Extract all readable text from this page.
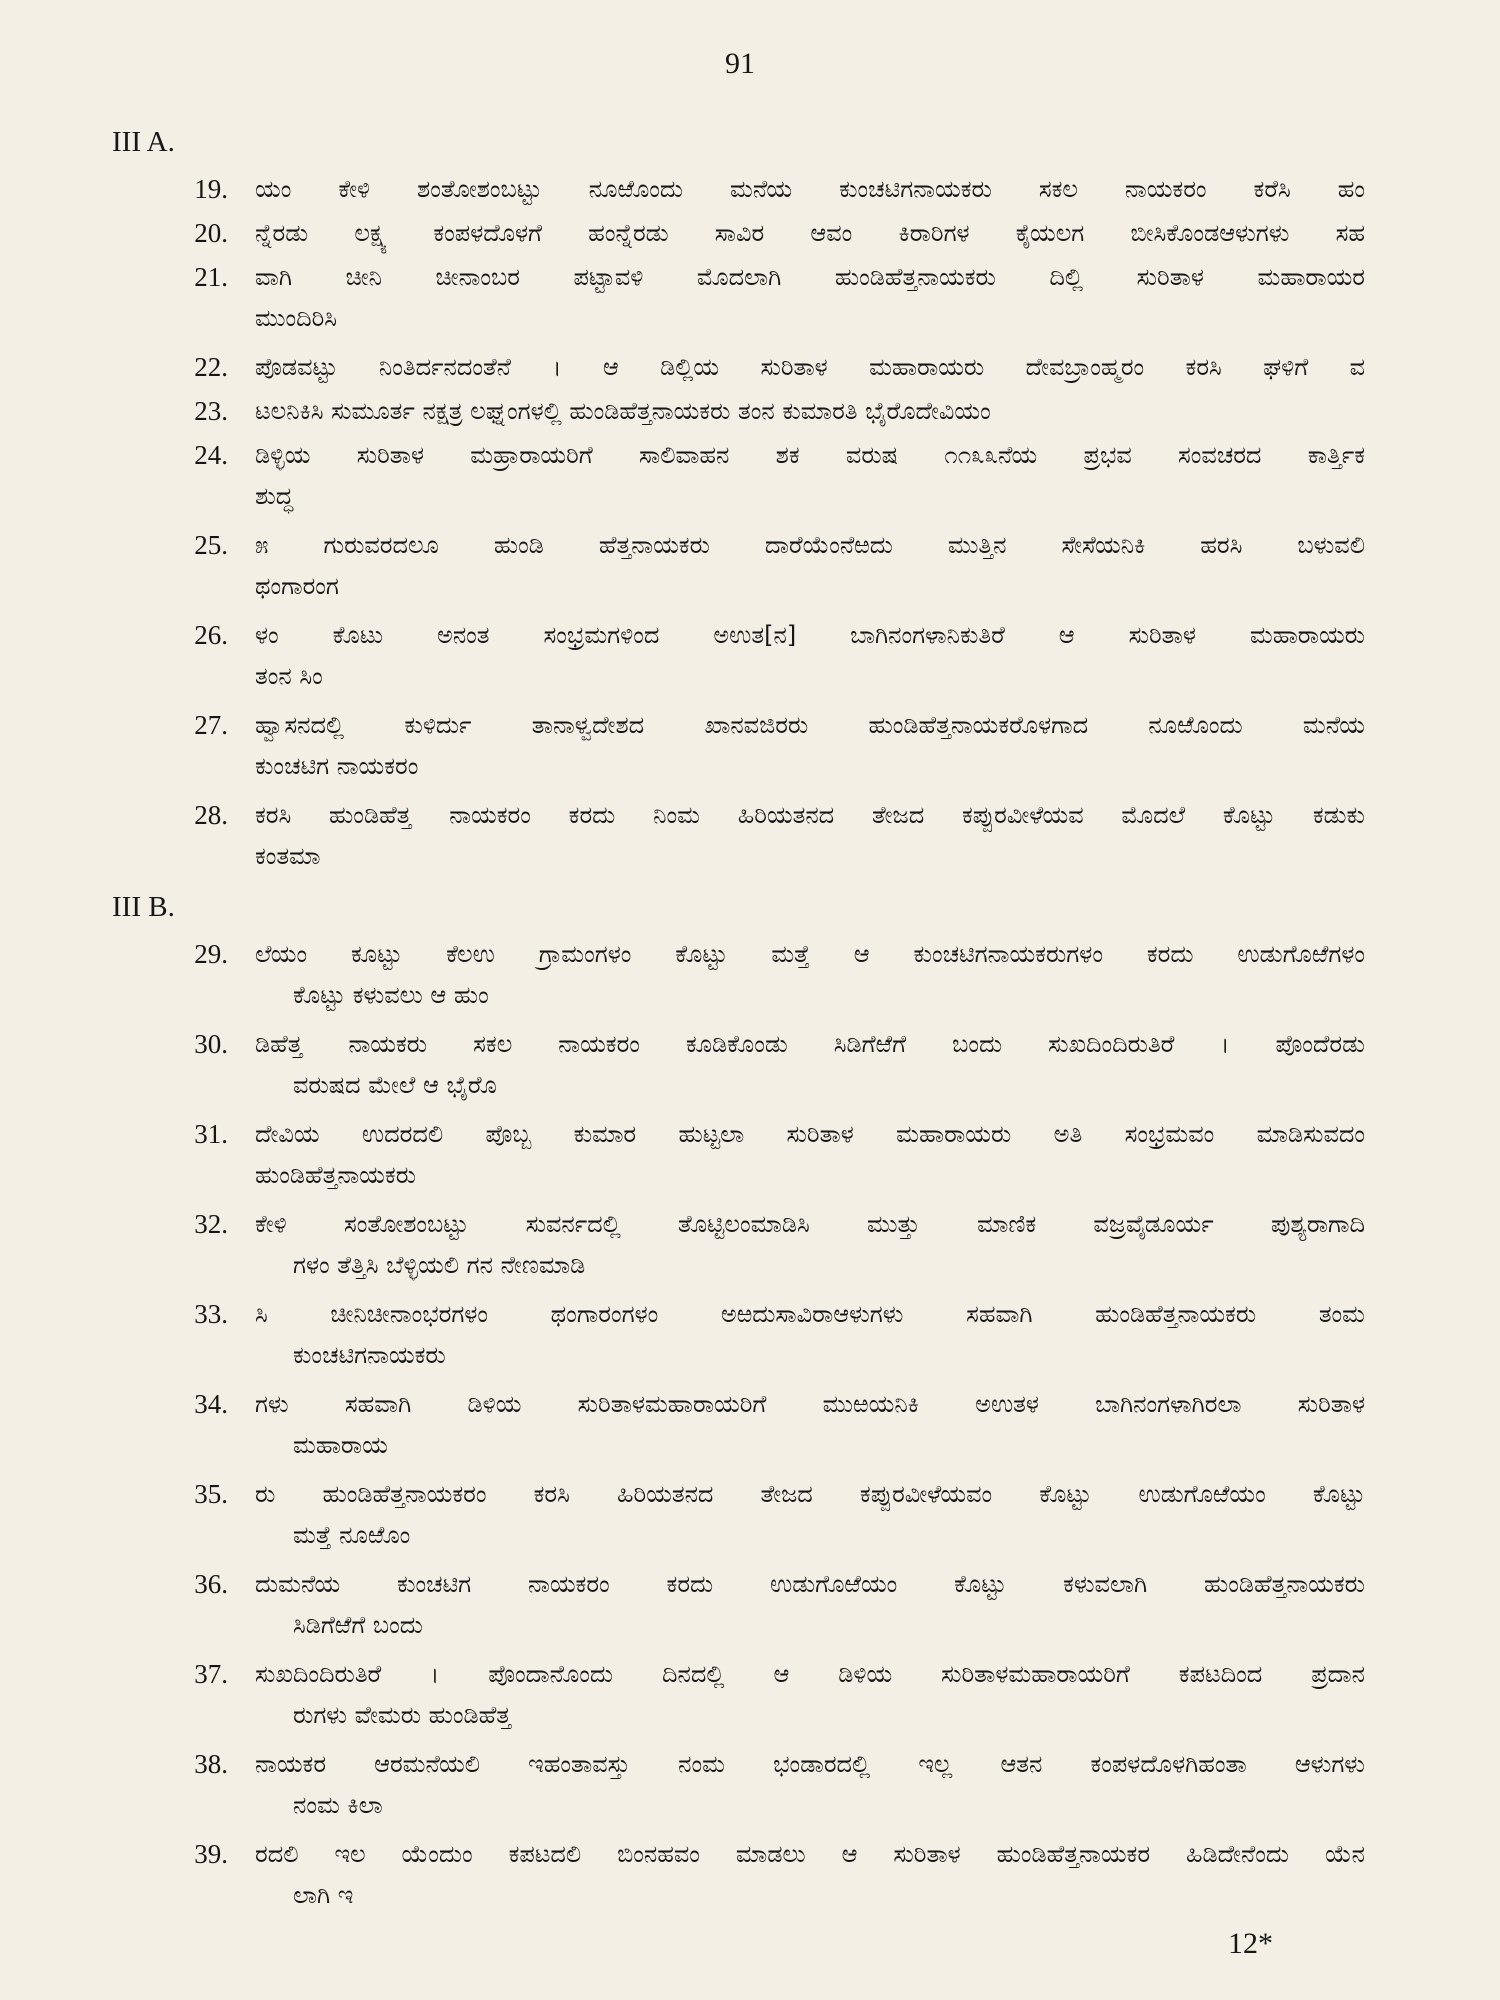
91
III A.
19. ಯಂ ಕೇಳಿ ಶಂತೋಶಂಬಟ್ಟು ನೂಱೊಂದು ಮನೆಯ ಕುಂಚಟಿಗನಾಯಕರು ಸಕಲ ನಾಯಕರಂ ಕರೆಸಿ ಹಂ
20. ನ್ನೆರಡು ಲಕ್ಷ್ಯ ಕಂಪಳದೊಳಗೆ ಹಂನ್ನೆರಡು ಸಾವಿರ ಆವಂ ಕಿರಾರಿಗಳ ಕೈಯಲಗ ಬೀಸಿಕೊಂಡಆಳುಗಳು ಸಹ
21. ವಾಗಿ ಚೀನಿ ಚೀನಾಂಬರ ಪಟ್ಟಾವಳಿ ಮೊದಲಾಗಿ ಹುಂಡಿಹೆತ್ತನಾಯಕರು ದಿಲ್ಲಿ ಸುರಿತಾಳ ಮಹಾರಾಯರ
ಮುಂದಿರಿಸಿ
22. ಪೊಡವಟ್ಟು ನಿಂತಿರ್ದನದಂತೆನೆ । ಆ ಡಿಲ್ಲಿಯ ಸುರಿತಾಳ ಮಹಾರಾಯರು ದೇವಬ್ರಾಂಹ್ಮರಂ ಕರಸಿ ಘಳಿಗೆ ವ
23. ಟಲನಿಕಿಸಿ ಸುಮೂರ್ತ ನಕ್ಷತ್ರ ಲಘ್ನಂಗಳಲ್ಲಿ ಹುಂಡಿಹೆತ್ತನಾಯಕರು ತಂನ ಕುಮಾರತಿ ಭೈರೊದೇವಿಯಂ
24. ಡಿಳ್ಳಿಯ ಸುರಿತಾಳ ಮಹ್ರಾರಾಯರಿಗೆ ಸಾಲಿವಾಹನ ಶಕ ವರುಷ ೧೧೩೩ನೆಯ ಪ್ರಭವ ಸಂವಚರದ ಕಾರ್ತ್ತಿಕ
ಶುದ್ಧ
25. ೫ ಗುರುವರದಲೂ ಹುಂಡಿ ಹೆತ್ತನಾಯಕರು ದಾರೆಯೆಂನೆಱದು ಮುತ್ತಿನ ಸೇಸೆಯನಿಕಿ ಹರಸಿ ಬಳುವಲಿ
ಥಂಗಾರಂಗ
26. ಳಂ ಕೊಟು ಅನಂತ ಸಂಭ್ರಮಗಳಿಂದ ಅಉತ[ನ] ಬಾಗಿನಂಗಳಾನಿಕುತಿರೆ ಆ ಸುರಿತಾಳ ಮಹಾರಾಯರು
ತಂನ ಸಿಂ
27. ಹ್ವಾಸನದಲ್ಲಿ ಕುಳಿರ್ದು ತಾನಾಳ್ವದೇಶದ ಖಾನವಜಿರರು ಹುಂಡಿಹೆತ್ತನಾಯಕರೊಳಗಾದ ನೂಱೊಂದು ಮನೆಯ
ಕುಂಚಟಿಗ ನಾಯಕರಂ
28. ಕರಸಿ ಹುಂಡಿಹೆತ್ತ ನಾಯಕರಂ ಕರದು ನಿಂಮ ಹಿರಿಯತನದ ತೇಜದ ಕಪ್ಪುರವೀಳೆಯವ ಮೊದಲೆ ಕೊಟ್ಟು ಕಡುಕು
ಕಂತಮಾ
III B.
29. ಲೆಯಂ ಕೂಟ್ಟು ಕೆಲಉ ಗ್ರಾಮಂಗಳಂ ಕೊಟ್ಟು ಮತ್ತೆ ಆ ಕುಂಚಟಿಗನಾಯಕರುಗಳಂ ಕರದು ಉಡುಗೊಱೆಗಳಂ
ಕೊಟ್ಟು ಕಳುವಲು ಆ ಹುಂ
30. ಡಿಹೆತ್ತ ನಾಯಕರು ಸಕಲ ನಾಯಕರಂ ಕೂಡಿಕೊಂಡು ಸಿಡಿಗೆಱೆಗೆ ಬಂದು ಸುಖದಿಂದಿರುತಿರೆ । ಪೊಂದೆರಡು
ವರುಷದ ಮೇಲೆ ಆ ಭೈರೊ
31. ದೇವಿಯ ಉದರದಲಿ ಪೊಬ್ಬ ಕುಮಾರ ಹುಟ್ಟಲಾ ಸುರಿತಾಳ ಮಹಾರಾಯರು ಅತಿ ಸಂಭ್ರಮವಂ ಮಾಡಿಸುವದಂ
ಹುಂಡಿಹೆತ್ತನಾಯಕರು
32. ಕೇಳಿ ಸಂತೋಶಂಬಟ್ಟು ಸುವರ್ನದಲ್ಲಿ ತೊಟ್ಟಿಲಂಮಾಡಿಸಿ ಮುತ್ತು ಮಾಣಿಕ ವಜ್ರವೈಡೂರ್ಯ ಪುಶ್ಯರಾಗಾದಿ
ಗಳಂ ತೆತ್ತಿಸಿ ಬೆಳ್ಳಿಯಲಿ ಗನ ನೇಣಮಾಡಿ
33. ಸಿ ಚೀನಿಚೀನಾಂಭರಗಳಂ ಥಂಗಾರಂಗಳಂ ಅಱದುಸಾವಿರಾಆಳುಗಳು ಸಹವಾಗಿ ಹುಂಡಿಹೆತ್ತನಾಯಕರು ತಂಮ
ಕುಂಚಟಿಗನಾಯಕರು
34. ಗಳು ಸಹವಾಗಿ ಡಿಳಿಯ ಸುರಿತಾಳಮಹಾರಾಯರಿಗೆ ಮುಱಯನಿಕಿ ಅಉತಳ ಬಾಗಿನಂಗಳಾಗಿರಲಾ ಸುರಿತಾಳ
ಮಹಾರಾಯ
35. ರು ಹುಂಡಿಹೆತ್ತನಾಯಕರಂ ಕರಸಿ ಹಿರಿಯತನದ ತೇಜದ ಕಪ್ಪುರವೀಳೆಯವಂ ಕೊಟ್ಟು ಉಡುಗೊಱೆಯಂ ಕೊಟ್ಟು
ಮತ್ತೆ ನೂಱೊಂ
36. ದುಮನೆಯ ಕುಂಚಟಿಗ ನಾಯಕರಂ ಕರದು ಉಡುಗೊಱೆಯಂ ಕೊಟ್ಟು ಕಳುವಲಾಗಿ ಹುಂಡಿಹೆತ್ತನಾಯಕರು
ಸಿಡಿಗೆಱೆಗೆ ಬಂದು
37. ಸುಖದಿಂದಿರುತಿರೆ । ಪೊಂದಾನೊಂದು ದಿನದಲ್ಲಿ ಆ ಡಿಳಿಯ ಸುರಿತಾಳಮಹಾರಾಯರಿಗೆ ಕಪಟದಿಂದ ಪ್ರದಾನ
ರುಗಳು ವೇಮರು ಹುಂಡಿಹೆತ್ತ
38. ನಾಯಕರ ಆರಮನೆಯಲಿ ಇಹಂತಾವಸ್ತು ನಂಮ ಭಂಡಾರದಲ್ಲಿ ಇಲ್ಲ ಆತನ ಕಂಪಳದೊಳಗಿಹಂತಾ ಆಳುಗಳು
ನಂಮ ಕಿಲಾ
39. ರದಲಿ ಇಲ ಯೆಂದುಂ ಕಪಟದಲಿ ಬಿಂನಹವಂ ಮಾಡಲು ಆ ಸುರಿತಾಳ ಹುಂಡಿಹೆತ್ತನಾಯಕರ ಹಿಡಿದೇನೆಂದು ಯೆನ
ಲಾಗಿ ಇ
12*
